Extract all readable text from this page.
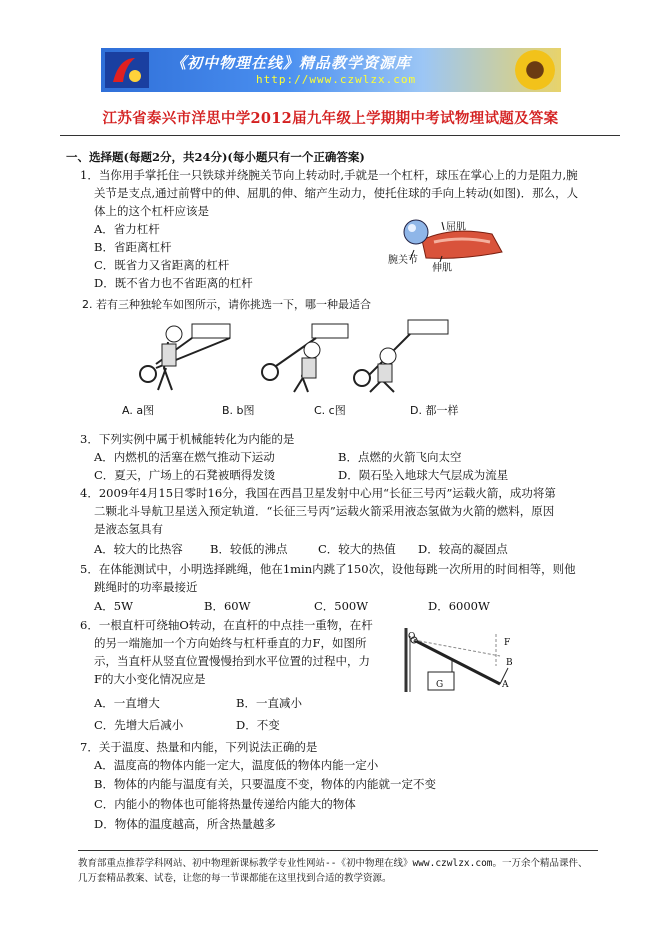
《初中物理在线》精品教学资源库
http://www.czwlzx.com
江苏省泰兴市洋思中学2012届九年级上学期期中考试物理试题及答案
一、选择题(每题2分，共24分)(每小题只有一个正确答案)
1．当你用手掌托住一只铁球并绕腕关节向上转动时,手就是一个杠杆，球压在掌心上的力是阻力,腕
关节是支点,通过前臂中的伸、屈肌的伸、缩产生动力，使托住球的手向上转动(如图)．那么，人
体上的这个杠杆应该是
A．省力杠杆
B．省距离杠杆
C．既省力又省距离的杠杆
D．既不省力也不省距离的杠杆
屈肌
腕关节
伸肌
2. 若有三种独轮车如图所示，请你挑选一下，哪一种最适合
A. a图	B. b图	C. c图	D. 都一样
3．下列实例中属于机械能转化为内能的是
A．内燃机的活塞在燃气推动下运动	B．点燃的火箭飞向太空
C．夏天，广场上的石凳被晒得发烫	D．陨石坠入地球大气层成为流星
4．2009年4月15日零时16分，我国在西昌卫星发射中心用“长征三号丙”运载火箭，成功将第
二颗北斗导航卫星送入预定轨道．“长征三号丙”运载火箭采用液态氢做为火箭的燃料，原因
是液态氢具有
A．较大的比热容 B．较低的沸点	C．较大的热值 D．较高的凝固点
5．在体能测试中，小明选择跳绳，他在1min内跳了150次，设他每跳一次所用的时间相等，则他
跳绳时的功率最接近
A．5W	B．60W	C．500W	D．6000W
6．一根直杆可绕轴O转动，在直杆的中点挂一重物，在杆
的另一端施加一个方向始终与杠杆垂直的力F，如图所
示，当直杆从竖直位置慢慢抬到水平位置的过程中，力
F的大小变化情况应是
A．一直增大	B．一直减小
C．先增大后减小	D．不变
O
G
F
B
A
7．关于温度、热量和内能，下列说法正确的是
A．温度高的物体内能一定大，温度低的物体内能一定小
B．物体的内能与温度有关，只要温度不变，物体的内能就一定不变
C．内能小的物体也可能将热量传递给内能大的物体
D．物体的温度越高，所含热量越多
教育部重点推荐学科网站、初中物理新课标教学专业性网站--《初中物理在线》www.czwlzx.com。一万余个精品课件、
几万套精品教案、试卷，让您的每一节课都能在这里找到合适的教学资源。
